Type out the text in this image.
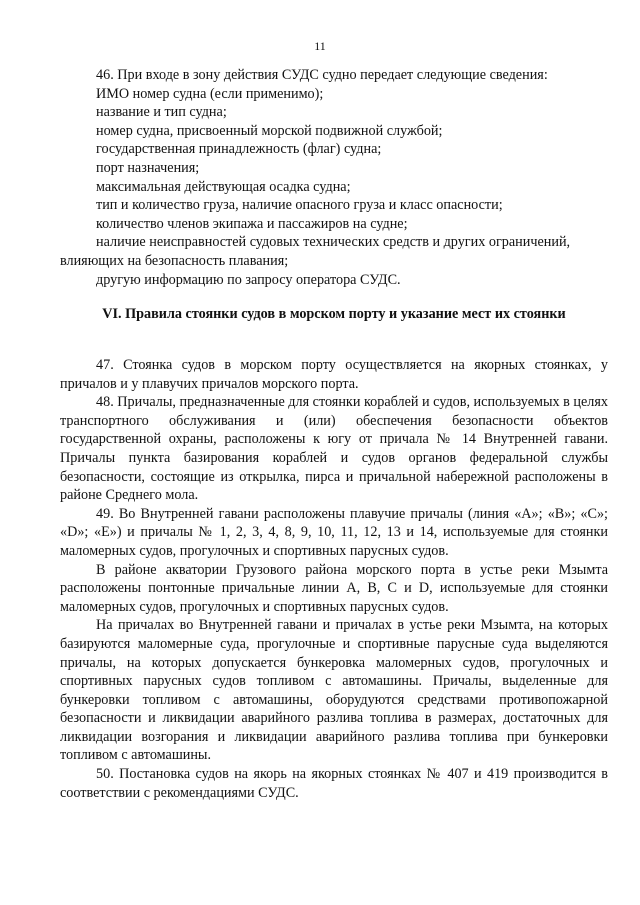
11
46. При входе в зону действия СУДС судно передает следующие сведения:
ИМО номер судна (если применимо);
название и тип судна;
номер судна, присвоенный морской подвижной службой;
государственная принадлежность (флаг) судна;
порт назначения;
максимальная действующая осадка судна;
тип и количество груза, наличие опасного груза и класс опасности;
количество членов экипажа и пассажиров на судне;
наличие неисправностей судовых технических средств и других ограничений,
влияющих на безопасность плавания;
другую информацию по запросу оператора СУДС.
VI. Правила стоянки судов в морском порту и указание мест их стоянки

47. Стоянка судов в морском порту осуществляется на якорных стоянках, у причалов и у плавучих причалов морского порта.

48. Причалы, предназначенные для стоянки кораблей и судов, используемых в целях транспортного обслуживания и (или) обеспечения безопасности объектов государственной охраны, расположены к югу от причала № 14 Внутренней гавани. Причалы пункта базирования кораблей и судов органов федеральной службы безопасности, состоящие из открылка, пирса и причальной набережной расположены в районе Среднего мола.

49. Во Внутренней гавани расположены плавучие причалы (линия «А»; «В»; «С»; «D»; «Е») и причалы № 1, 2, 3, 4, 8, 9, 10, 11, 12, 13 и 14, используемые для стоянки маломерных судов, прогулочных и спортивных парусных судов.

В районе акватории Грузового района морского порта в устье реки Мзымта расположены понтонные причальные линии А, В, С и D, используемые для стоянки маломерных судов, прогулочных и спортивных парусных судов.

На причалах во Внутренней гавани и причалах в устье реки Мзымта, на которых базируются маломерные суда, прогулочные и спортивные парусные суда выделяются причалы, на которых допускается бункеровка маломерных судов, прогулочных и спортивных парусных судов топливом с автомашины. Причалы, выделенные для бункеровки топливом с автомашины, оборудуются средствами противопожарной безопасности и ликвидации аварийного разлива топлива в размерах, достаточных для ликвидации возгорания и ликвидации аварийного разлива топлива при бункеровки топливом с автомашины.

50. Постановка судов на якорь на якорных стоянках № 407 и 419 производится в соответствии с рекомендациями СУДС.
